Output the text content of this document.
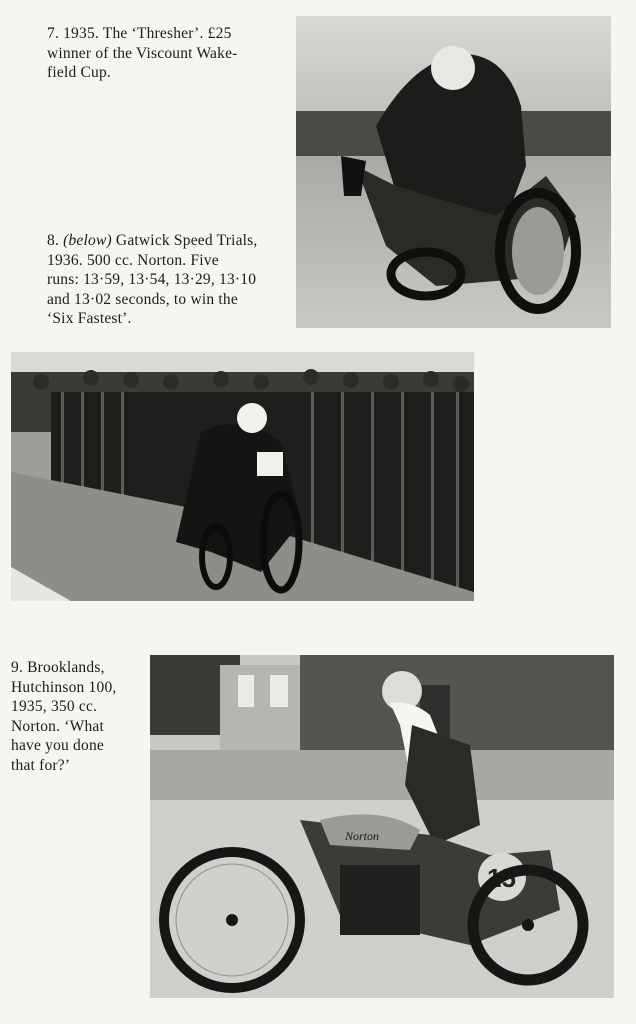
7. 1935. The ‘Thresher’. £25
winner of the Viscount Wake-
field Cup.

8. (below) Gatwick Speed Trials,
1936. 500 cc. Norton. Five
runs: 13·59, 13·54, 13·29, 13·10
and 13·02 seconds, to win the
‘Six Fastest’.

9. Brooklands,
Hutchinson 100,
1935, 350 cc.
Norton. ‘What
have you done
that for?’

Norton
15
